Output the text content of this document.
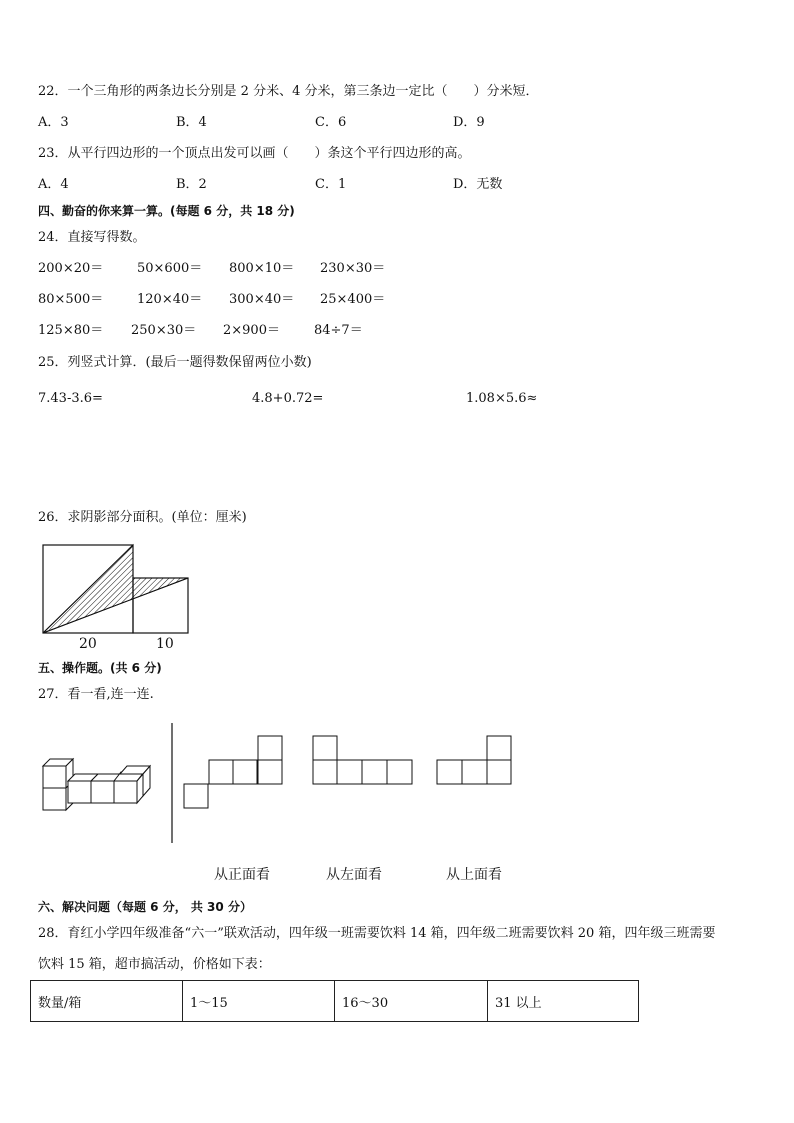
22．一个三角形的两条边长分别是 2 分米、4 分米，第三条边一定比（　　）分米短．
A．3	B．4	C．6	D．9
23．从平行四边形的一个顶点出发可以画（　　）条这个平行四边形的高。
A．4	B．2	C．1	D．无数
四、勤奋的你来算一算。(每题 6 分，共 18 分)
24．直接写得数。
200×20＝	50×600＝ 800×10＝ 230×30＝
80×500＝	120×40＝ 300×40＝ 25×400＝
125×80＝ 250×30＝ 2×900＝	84÷7＝
25．列竖式计算．(最后一题得数保留两位小数)
7.43-3.6=	4.8+0.72=	1.08×5.6≈
26．求阴影部分面积。(单位：厘米)
20	10
五、操作题。(共 6 分)
27．看一看,连一连.
从正面看	从左面看	从上面看
六、解决问题（每题 6 分， 共 30 分）
28．育红小学四年级准备“六一”联欢活动，四年级一班需要饮料 14 箱，四年级二班需要饮料 20 箱，四年级三班需要
饮料 15 箱，超市搞活动，价格如下表：
数量/箱	1～15	16～30	31 以上
